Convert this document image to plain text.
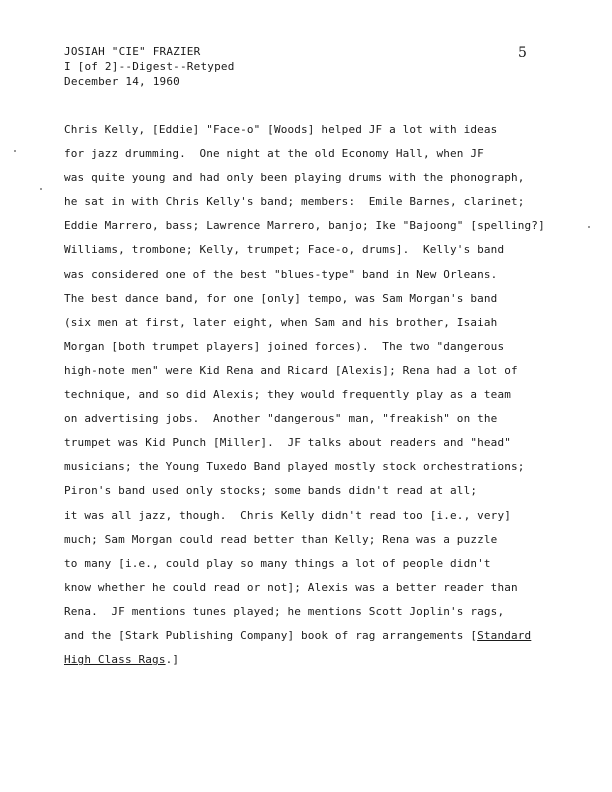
JOSIAH "CIE" FRAZIER
I [of 2]--Digest--Retyped
December 14, 1960
5
Chris Kelly, [Eddie] "Face-o" [Woods] helped JF a lot with ideas
for jazz drumming.  One night at the old Economy Hall, when JF
was quite young and had only been playing drums with the phonograph,
he sat in with Chris Kelly's band; members:  Emile Barnes, clarinet;
Eddie Marrero, bass; Lawrence Marrero, banjo; Ike "Bajoong" [spelling?]
Williams, trombone; Kelly, trumpet; Face-o, drums].  Kelly's band
was considered one of the best "blues-type" band in New Orleans.
The best dance band, for one [only] tempo, was Sam Morgan's band
(six men at first, later eight, when Sam and his brother, Isaiah
Morgan [both trumpet players] joined forces).  The two "dangerous
high-note men" were Kid Rena and Ricard [Alexis]; Rena had a lot of
technique, and so did Alexis; they would frequently play as a team
on advertising jobs.  Another "dangerous" man, "freakish" on the
trumpet was Kid Punch [Miller].  JF talks about readers and "head"
musicians; the Young Tuxedo Band played mostly stock orchestrations;
Piron's band used only stocks; some bands didn't read at all;
it was all jazz, though.  Chris Kelly didn't read too [i.e., very]
much; Sam Morgan could read better than Kelly; Rena was a puzzle
to many [i.e., could play so many things a lot of people didn't
know whether he could read or not]; Alexis was a better reader than
Rena.  JF mentions tunes played; he mentions Scott Joplin's rags,
and the [Stark Publishing Company] book of rag arrangements [Standard
High Class Rags.]
